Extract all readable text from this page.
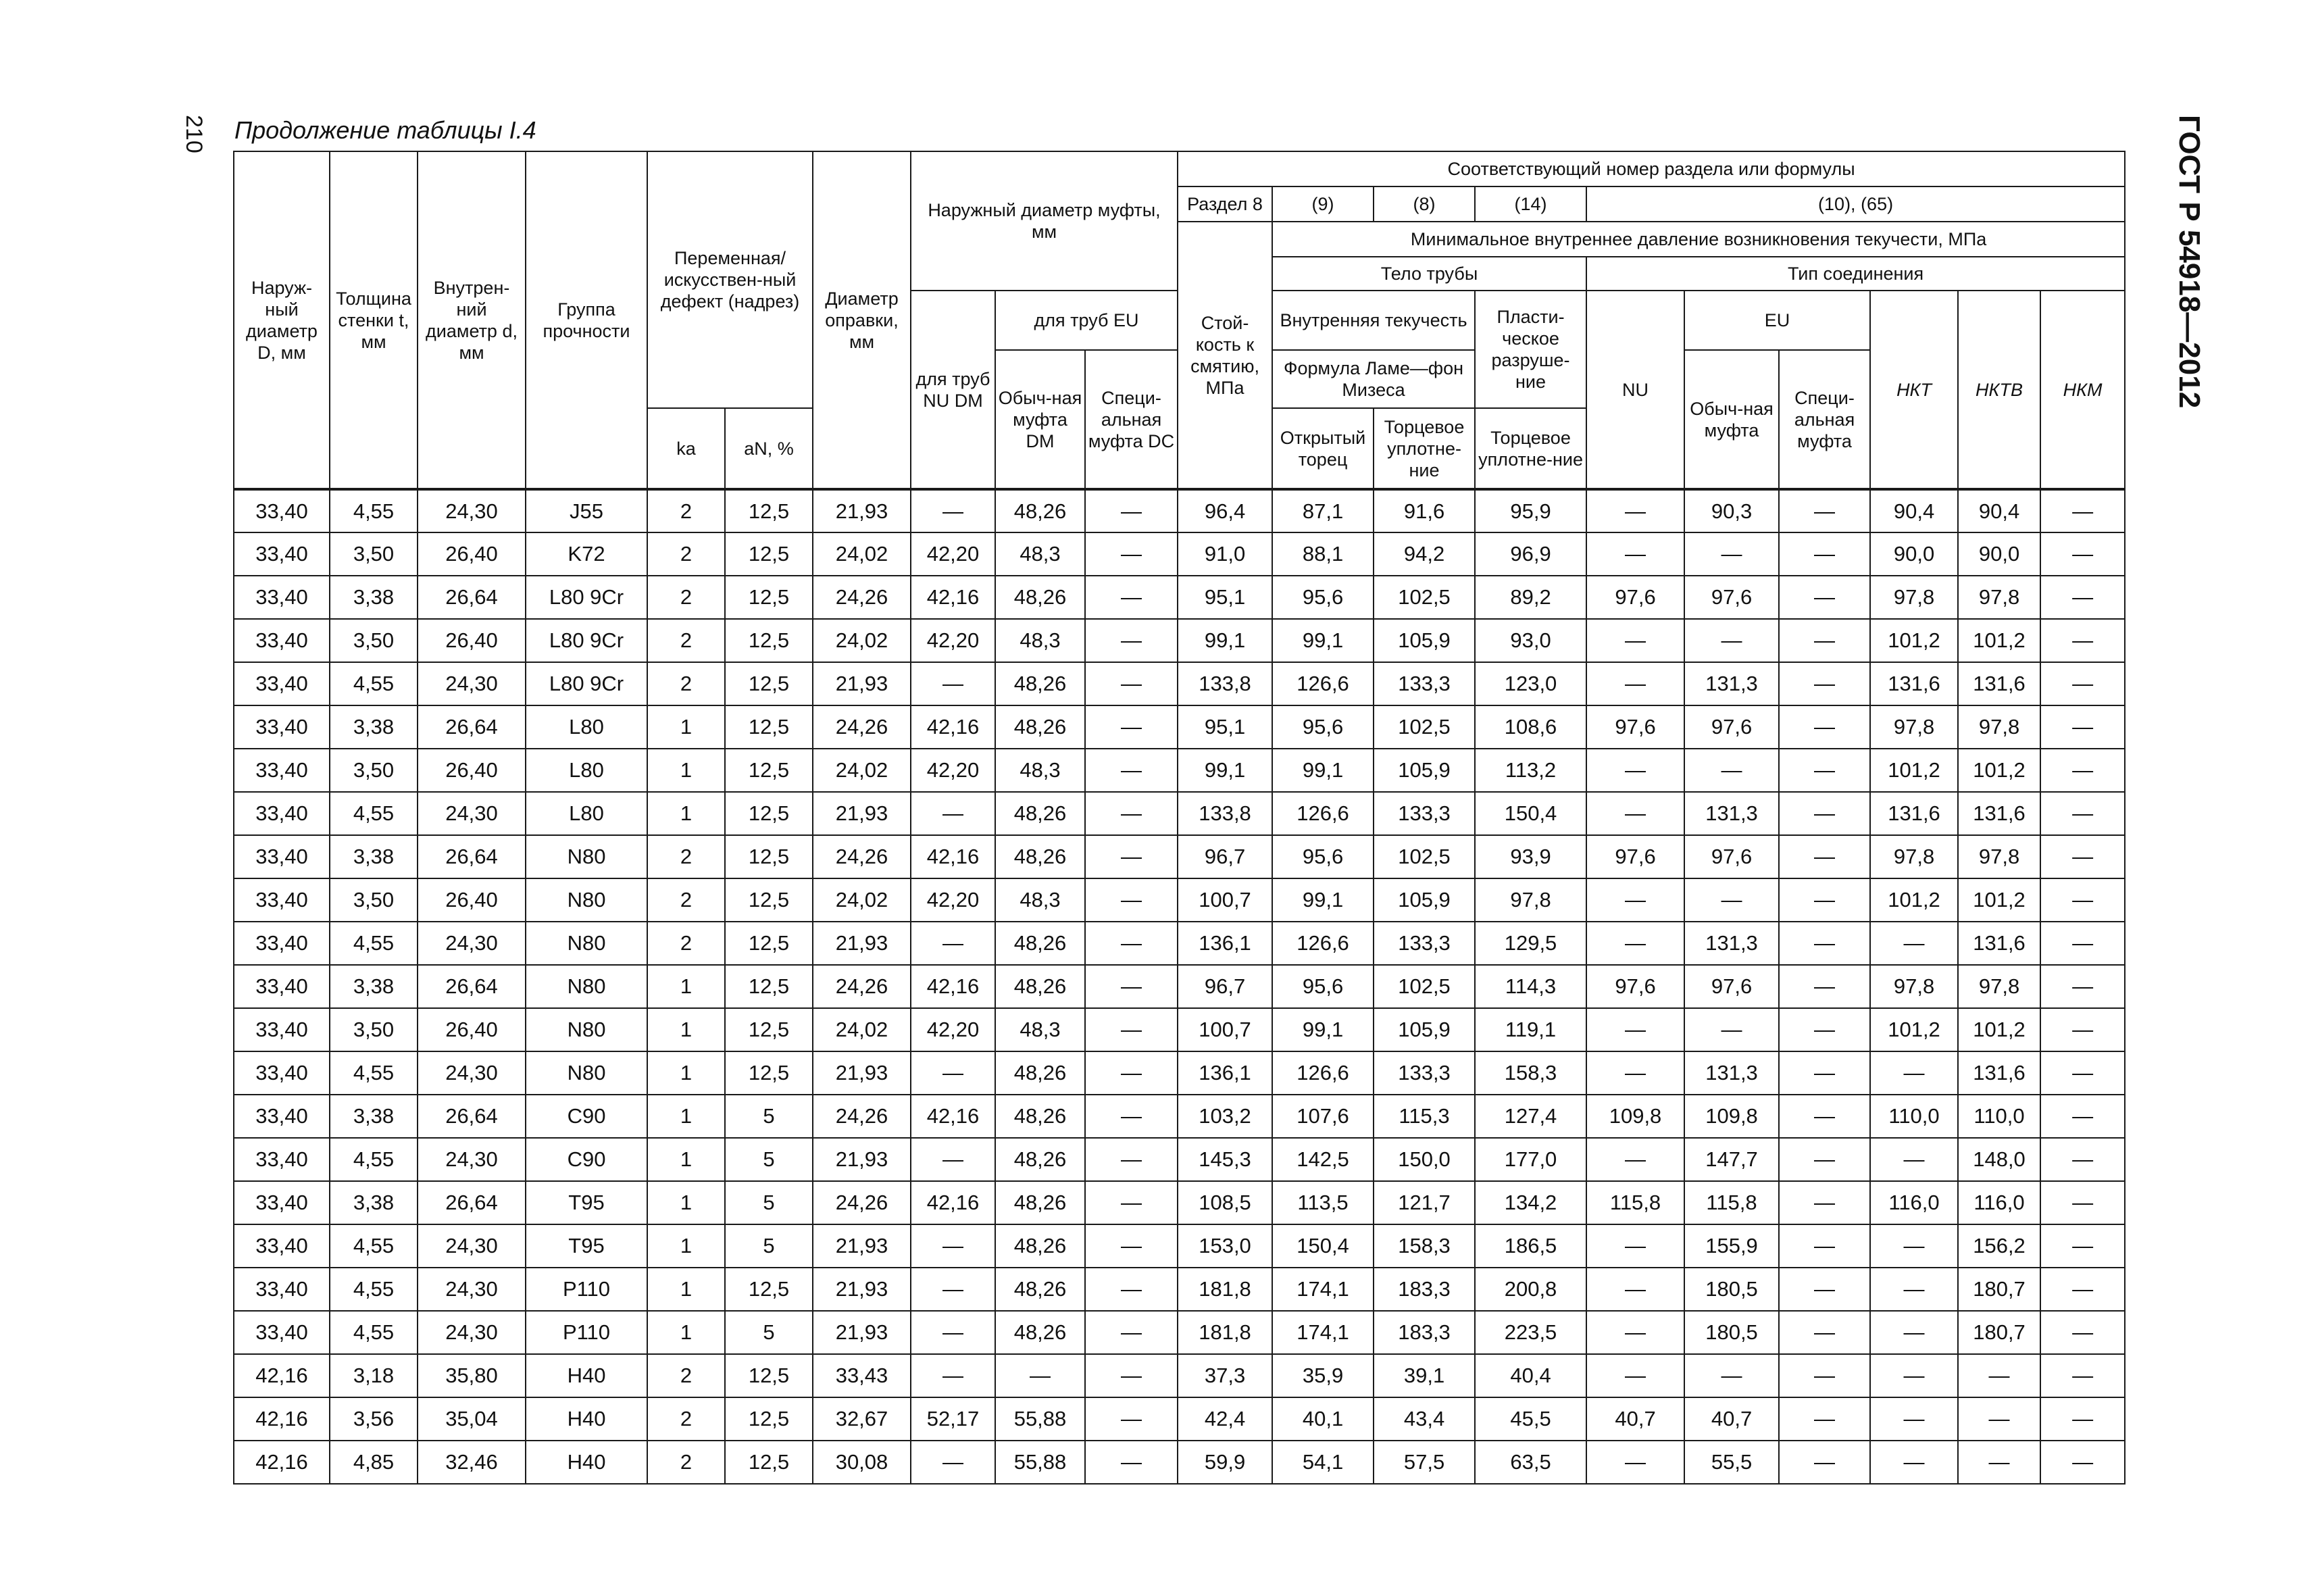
210 Продолжение таблицы I.4	ГОСТ Р 54918—2012
Наруж-ный диаметр D, мм	Толщина стенки t, мм	Внутрен-ний диаметр d, мм	Группа прочности	Переменная/ искусствен-ный дефект (надрез)		Диаметр оправки, мм	Наружный диаметр муфты, мм			Соответствующий номер раздела или формулы									
										Раздел 8	(9)	(8)	(14)	(10), (65)					
										Стой-кость к смятию, МПа	Минимальное внутреннее давление возникновения текучести, МПа								
											Тело трубы			Тип соединения					
							для труб NU DМ	для труб EU			Внутренняя текучесть		Пласти-ческое разруше-ние	NU	EU		НКТ	НКТВ	НКМ
								Обыч-ная муфта DМ	Специ-альная муфта DС		Формула Ламе—фон Мизеса				Обыч-ная муфта	Специ-альная муфта			
				kа	aN, %						Открытый торец	Торцевое уплотне-ние	Торцевое уплотне-ние						
33,40	4,55	24,30	J55	2	12,5	21,93	—	48,26	—	96,4	87,1	91,6	95,9	—	90,3	—	90,4	90,4	—
33,40	3,50	26,40	K72	2	12,5	24,02	42,20	48,3	—	91,0	88,1	94,2	96,9	—	—	—	90,0	90,0	—
33,40	3,38	26,64	L80 9Cr	2	12,5	24,26	42,16	48,26	—	95,1	95,6	102,5	89,2	97,6	97,6	—	97,8	97,8	—
33,40	3,50	26,40	L80 9Cr	2	12,5	24,02	42,20	48,3	—	99,1	99,1	105,9	93,0	—	—	—	101,2	101,2	—
33,40	4,55	24,30	L80 9Cr	2	12,5	21,93	—	48,26	—	133,8	126,6	133,3	123,0	—	131,3	—	131,6	131,6	—
33,40	3,38	26,64	L80	1	12,5	24,26	42,16	48,26	—	95,1	95,6	102,5	108,6	97,6	97,6	—	97,8	97,8	—
33,40	3,50	26,40	L80	1	12,5	24,02	42,20	48,3	—	99,1	99,1	105,9	113,2	—	—	—	101,2	101,2	—
33,40	4,55	24,30	L80	1	12,5	21,93	—	48,26	—	133,8	126,6	133,3	150,4	—	131,3	—	131,6	131,6	—
33,40	3,38	26,64	N80	2	12,5	24,26	42,16	48,26	—	96,7	95,6	102,5	93,9	97,6	97,6	—	97,8	97,8	—
33,40	3,50	26,40	N80	2	12,5	24,02	42,20	48,3	—	100,7	99,1	105,9	97,8	—	—	—	101,2	101,2	—
33,40	4,55	24,30	N80	2	12,5	21,93	—	48,26	—	136,1	126,6	133,3	129,5	—	131,3	—	—	131,6	—
33,40	3,38	26,64	N80	1	12,5	24,26	42,16	48,26	—	96,7	95,6	102,5	114,3	97,6	97,6	—	97,8	97,8	—
33,40	3,50	26,40	N80	1	12,5	24,02	42,20	48,3	—	100,7	99,1	105,9	119,1	—	—	—	101,2	101,2	—
33,40	4,55	24,30	N80	1	12,5	21,93	—	48,26	—	136,1	126,6	133,3	158,3	—	131,3	—	—	131,6	—
33,40	3,38	26,64	C90	1	5	24,26	42,16	48,26	—	103,2	107,6	115,3	127,4	109,8	109,8	—	110,0	110,0	—
33,40	4,55	24,30	C90	1	5	21,93	—	48,26	—	145,3	142,5	150,0	177,0	—	147,7	—	—	148,0	—
33,40	3,38	26,64	T95	1	5	24,26	42,16	48,26	—	108,5	113,5	121,7	134,2	115,8	115,8	—	116,0	116,0	—
33,40	4,55	24,30	T95	1	5	21,93	—	48,26	—	153,0	150,4	158,3	186,5	—	155,9	—	—	156,2	—
33,40	4,55	24,30	P110	1	12,5	21,93	—	48,26	—	181,8	174,1	183,3	200,8	—	180,5	—	—	180,7	—
33,40	4,55	24,30	P110	1	5	21,93	—	48,26	—	181,8	174,1	183,3	223,5	—	180,5	—	—	180,7	—
42,16	3,18	35,80	H40	2	12,5	33,43	—	—	—	37,3	35,9	39,1	40,4	—	—	—	—	—	—
42,16	3,56	35,04	H40	2	12,5	32,67	52,17	55,88	—	42,4	40,1	43,4	45,5	40,7	40,7	—	—	—	—
42,16	4,85	32,46	H40	2	12,5	30,08	—	55,88	—	59,9	54,1	57,5	63,5	—	55,5	—	—	—	—
